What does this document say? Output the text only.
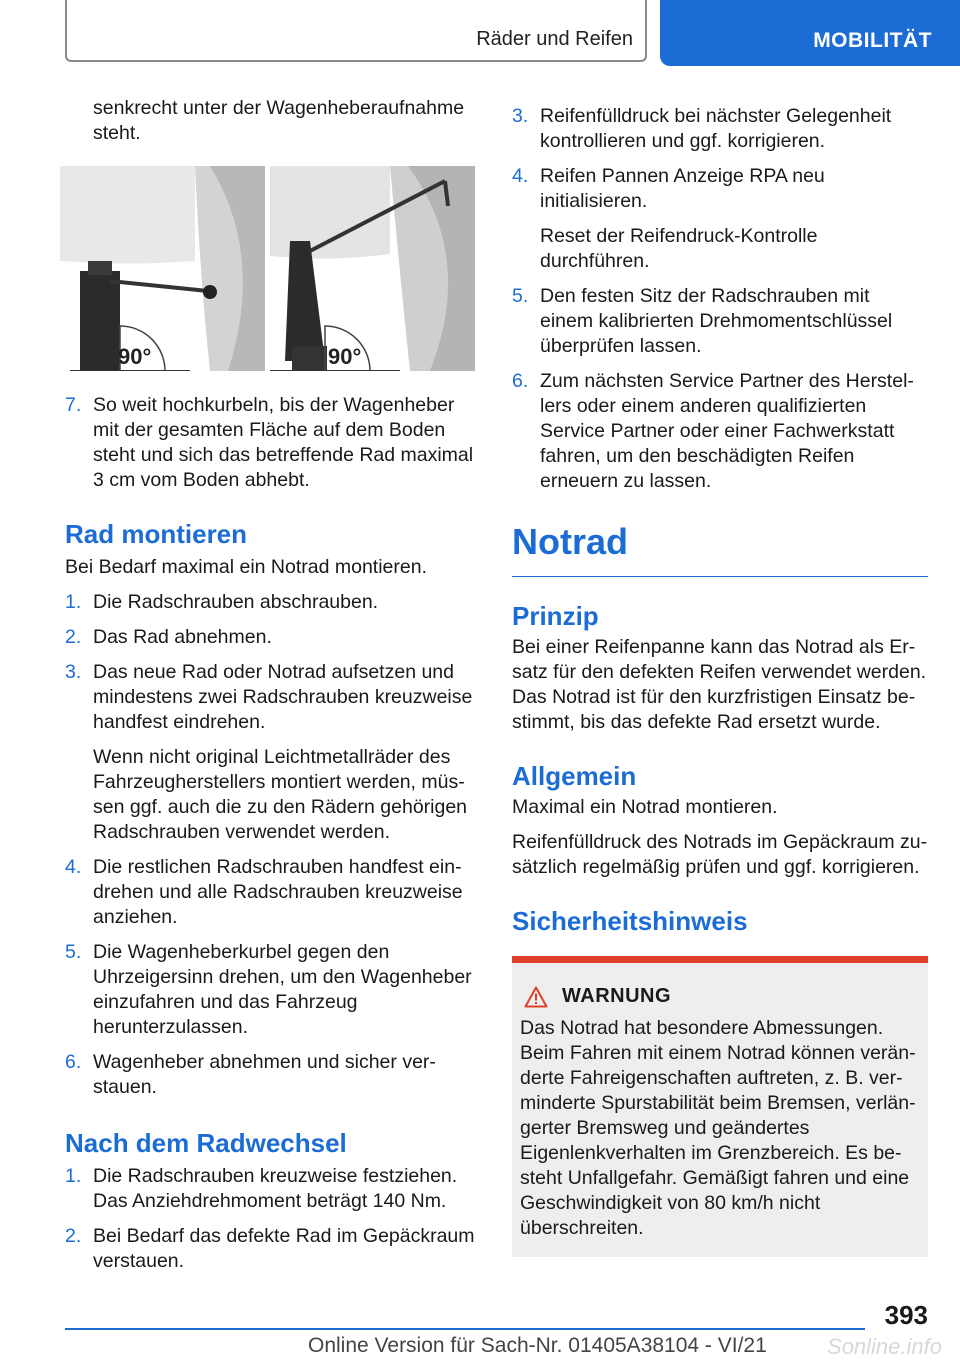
Räder und Reifen	MOBILITÄT

senkrecht unter der Wagenheberaufnahme steht.

90°	90°
7. So weit hochkurbeln, bis der Wagenheber mit der gesamten Fläche auf dem Boden steht und sich das betreffende Rad maximal 3 cm vom Boden abhebt.
Rad montieren

Bei Bedarf maximal ein Notrad montieren.

1. Die Radschrauben abschrauben.
2. Das Rad abnehmen.
3. Das neue Rad oder Notrad aufsetzen und mindestens zwei Radschrauben kreuzweise handfest eindrehen.

Wenn nicht original Leichtmetallräder des Fahrzeugherstellers montiert werden, müssen ggf. auch die zu den Rädern gehörigen Radschrauben verwendet werden.

4. Die restlichen Radschrauben handfest eindrehen und alle Radschrauben kreuzweise anziehen.
5. Die Wagenheberkurbel gegen den Uhrzeigersinn drehen, um den Wagenheber einzufahren und das Fahrzeug herunterzulassen.
6. Wagenheber abnehmen und sicher verstauen.
Nach dem Radwechsel
1. Die Radschrauben kreuzweise festziehen. Das Anziehdrehmoment beträgt 140 Nm.
2. Bei Bedarf das defekte Rad im Gepäckraum verstauen.
3. Reifenfülldruck bei nächster Gelegenheit kontrollieren und ggf. korrigieren.
4. Reifen Pannen Anzeige RPA neu initialisieren.

Reset der Reifendruck-Kontrolle durchführen.

5. Den festen Sitz der Radschrauben mit einem kalibrierten Drehmomentschlüssel überprüfen lassen.
6. Zum nächsten Service Partner des Herstellers oder einem anderen qualifizierten Service Partner oder einer Fachwerkstatt fahren, um den beschädigten Reifen erneuern zu lassen.
Notrad
Prinzip

Bei einer Reifenpanne kann das Notrad als Ersatz für den defekten Reifen verwendet werden. Das Notrad ist für den kurzfristigen Einsatz bestimmt, bis das defekte Rad ersetzt wurde.

Allgemein

Maximal ein Notrad montieren.

Reifenfülldruck des Notrads im Gepäckraum zusätzlich regelmäßig prüfen und ggf. korrigieren.

Sicherheitshinweis
WARNUNG

Das Notrad hat besondere Abmessungen. Beim Fahren mit einem Notrad können veränderte Fahreigenschaften auftreten, z. B. verminderte Spurstabilität beim Bremsen, verlängerter Bremsweg und geändertes Eigenlenkverhalten im Grenzbereich. Es besteht Unfallgefahr. Gemäßigt fahren und eine Geschwindigkeit von 80 km/h nicht überschreiten.

393
Online Version für Sach-Nr. 01405A38104 - VI/21	Sonline.info
